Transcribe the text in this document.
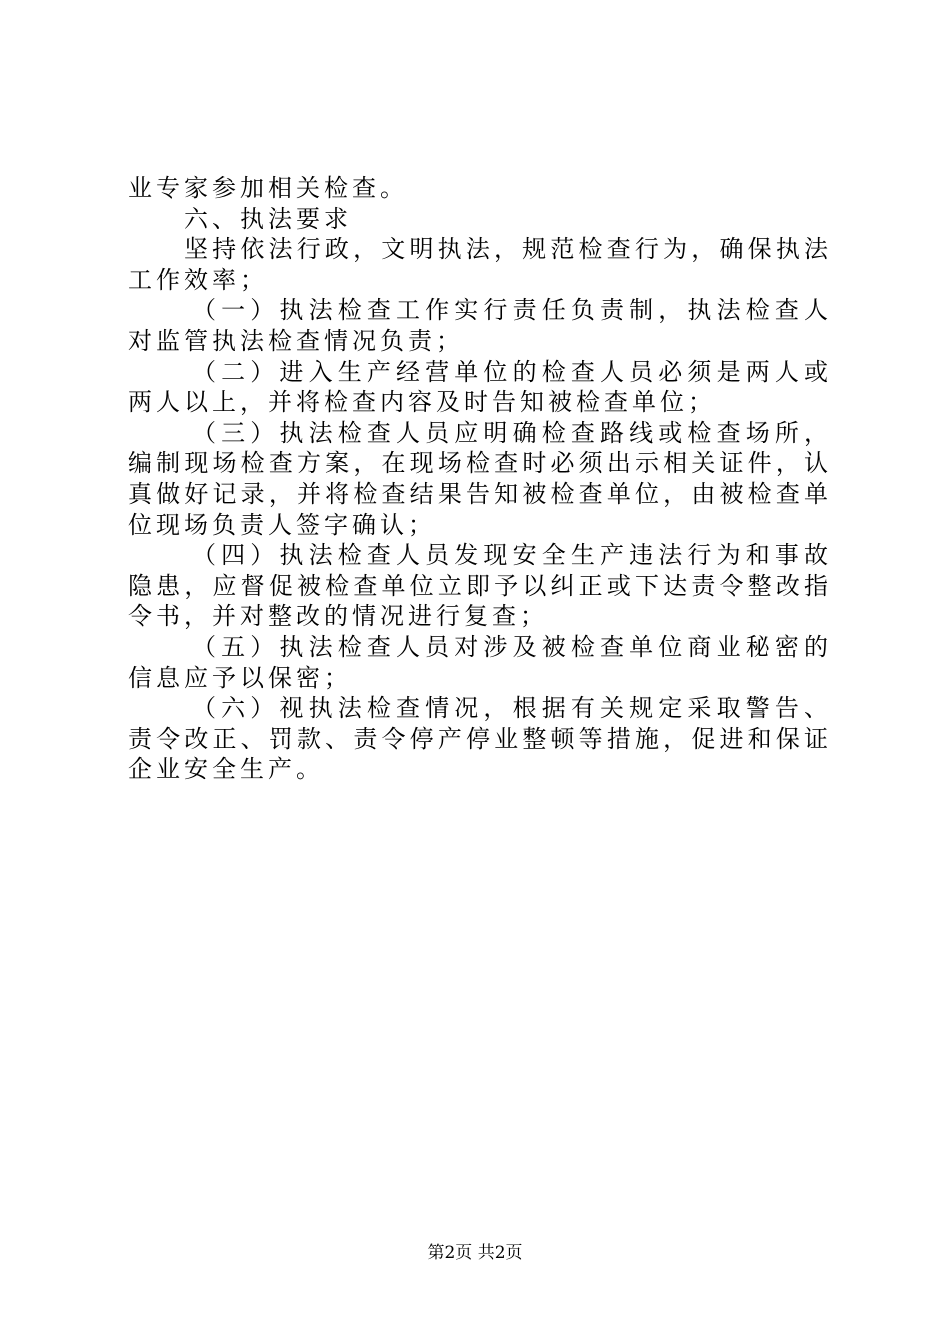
业专家参加相关检查。

六、执法要求

坚持依法行政，文明执法，规范检查行为，确保执法工作效率；

（一）执法检查工作实行责任负责制，执法检查人对监管执法检查情况负责；

（二）进入生产经营单位的检查人员必须是两人或两人以上，并将检查内容及时告知被检查单位；

（三）执法检查人员应明确检查路线或检查场所，编制现场检查方案，在现场检查时必须出示相关证件，认真做好记录，并将检查结果告知被检查单位，由被检查单位现场负责人签字确认；

（四）执法检查人员发现安全生产违法行为和事故隐患，应督促被检查单位立即予以纠正或下达责令整改指令书，并对整改的情况进行复查；

（五）执法检查人员对涉及被检查单位商业秘密的信息应予以保密；

（六）视执法检查情况，根据有关规定采取警告、责令改正、罚款、责令停产停业整顿等措施，促进和保证企业安全生产。

第2页 共2页
